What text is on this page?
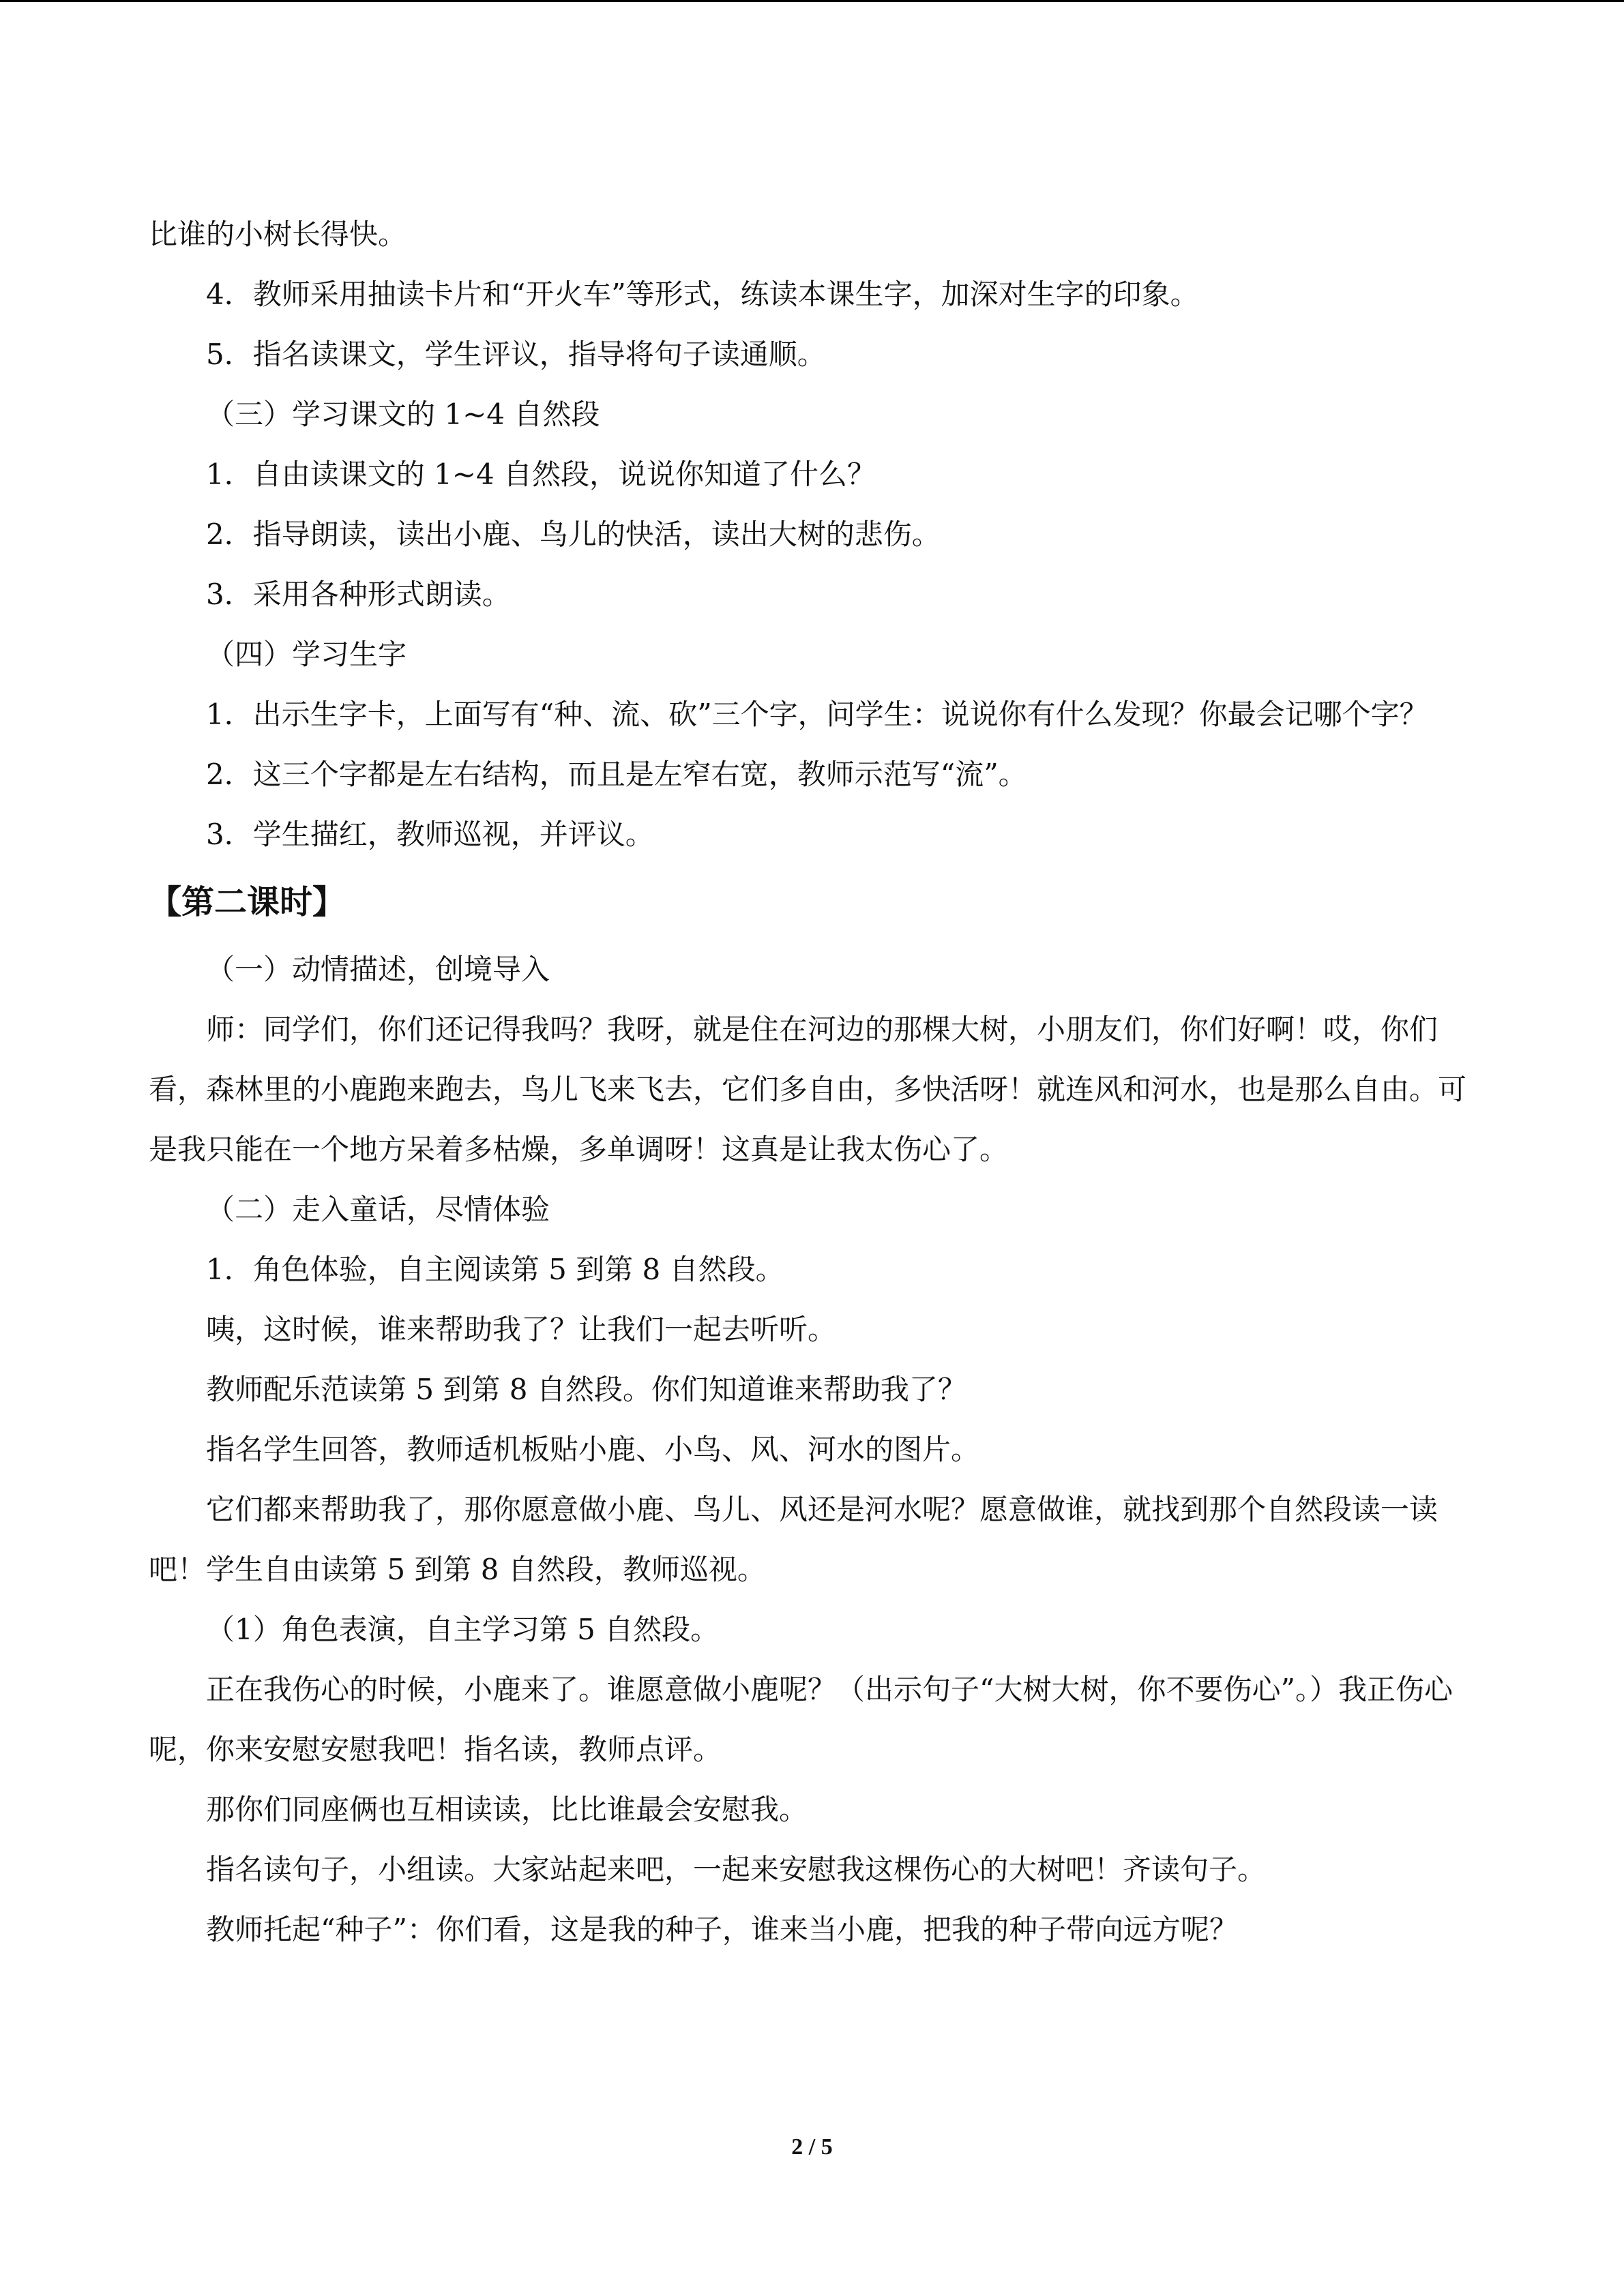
比谁的小树长得快。

4．教师采用抽读卡片和“开火车”等形式，练读本课生字，加深对生字的印象。

5．指名读课文，学生评议，指导将句子读通顺。

（三）学习课文的 1~4 自然段

1．自由读课文的 1~4 自然段，说说你知道了什么？

2．指导朗读，读出小鹿、鸟儿的快活，读出大树的悲伤。

3．采用各种形式朗读。

（四）学习生字

1．出示生字卡，上面写有“种、流、砍”三个字，问学生：说说你有什么发现？你最会记哪个字？

2．这三个字都是左右结构，而且是左窄右宽，教师示范写“流”。

3．学生描红，教师巡视，并评议。

【第二课时】

（一）动情描述，创境导入

师：同学们，你们还记得我吗？我呀，就是住在河边的那棵大树，小朋友们，你们好啊！哎，你们看，森林里的小鹿跑来跑去，鸟儿飞来飞去，它们多自由，多快活呀！就连风和河水，也是那么自由。可是我只能在一个地方呆着多枯燥，多单调呀！这真是让我太伤心了。

（二）走入童话，尽情体验

1．角色体验，自主阅读第 5 到第 8 自然段。

咦，这时候，谁来帮助我了？让我们一起去听听。

教师配乐范读第 5 到第 8 自然段。你们知道谁来帮助我了？

指名学生回答，教师适机板贴小鹿、小鸟、风、河水的图片。

它们都来帮助我了，那你愿意做小鹿、鸟儿、风还是河水呢？愿意做谁，就找到那个自然段读一读吧！学生自由读第 5 到第 8 自然段，教师巡视。

（1）角色表演，自主学习第 5 自然段。

正在我伤心的时候，小鹿来了。谁愿意做小鹿呢？（出示句子“大树大树，你不要伤心”。）我正伤心呢，你来安慰安慰我吧！指名读，教师点评。

那你们同座俩也互相读读，比比谁最会安慰我。

指名读句子，小组读。大家站起来吧，一起来安慰我这棵伤心的大树吧！齐读句子。

教师托起“种子”：你们看，这是我的种子，谁来当小鹿，把我的种子带向远方呢？

2 / 5
